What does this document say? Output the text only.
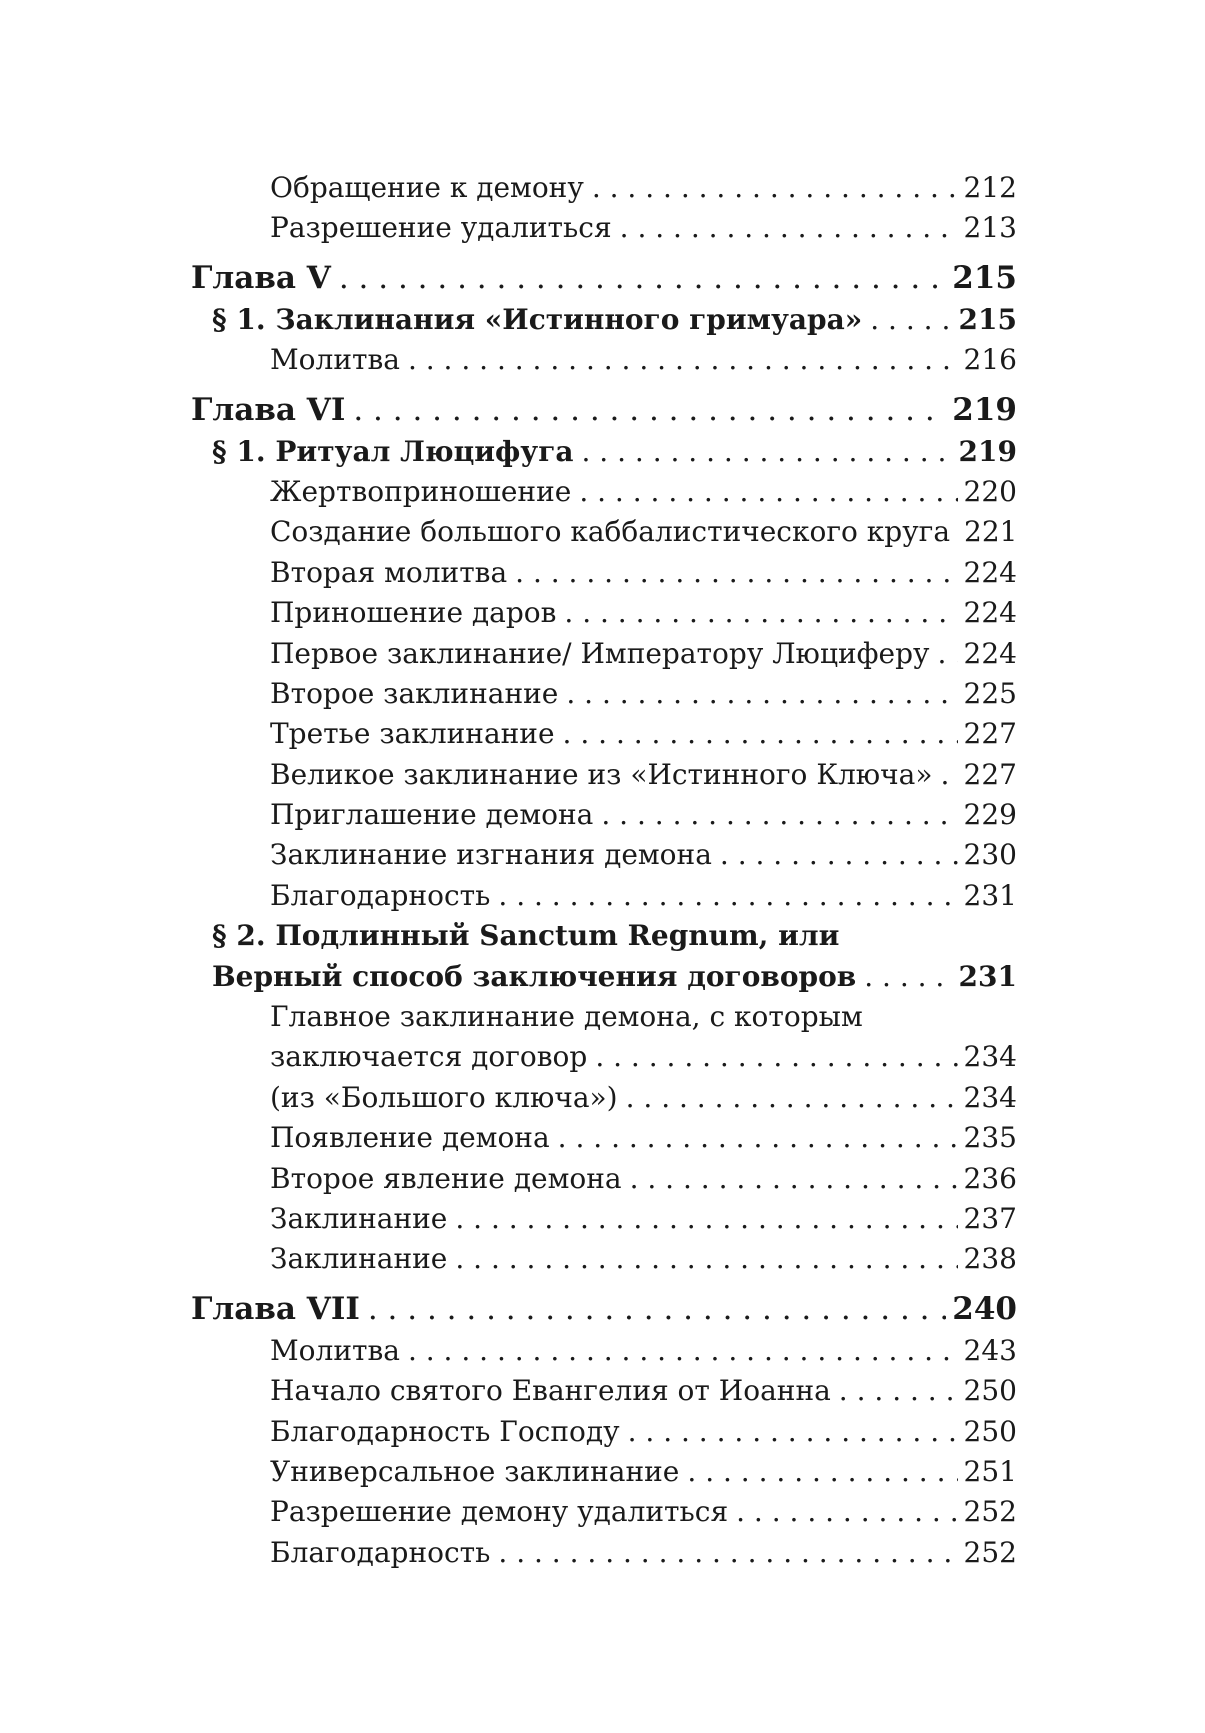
Обращение к демону . . .	212
Разрешение удалиться . . .	213
Глава V . . .	215
§ 1. Заклинания «Истинного гримуара» . . .	215
Молитва . . .	216
Глава VI . . .	219
§ 1. Ритуал Люцифуга . . .	219
Жертвоприношение . . .	220
Создание большого каббалистического круга 221
Вторая молитва . . .	224
Приношение даров . . .	224
Первое заклинание/ Императору Люциферу . . . 224
Второе заклинание . . .	225
Третье заклинание . . .	227
Великое заклинание из «Истинного Ключа» . . . 227
Приглашение демона . . .	229
Заклинание изгнания демона . . .	230
Благодарность . . .	231
§ 2. Подлинный Sanctum Regnum, или
Верный способ заключения договоров . . .	231
Главное заклинание демона, с которым
заключается договор . . .	234
(из «Большого ключа») . . .	234
Появление демона . . .	235
Второе явление демона . . .	236
Заклинание . . .	237
Заклинание . . .	238
Глава VII . . .	240
Молитва . . .	243
Начало святого Евангелия от Иоанна . . .	250
Благодарность Господу . . .	250
Универсальное заклинание . . .	251
Разрешение демону удалиться . . .	252
Благодарность . . .	252
